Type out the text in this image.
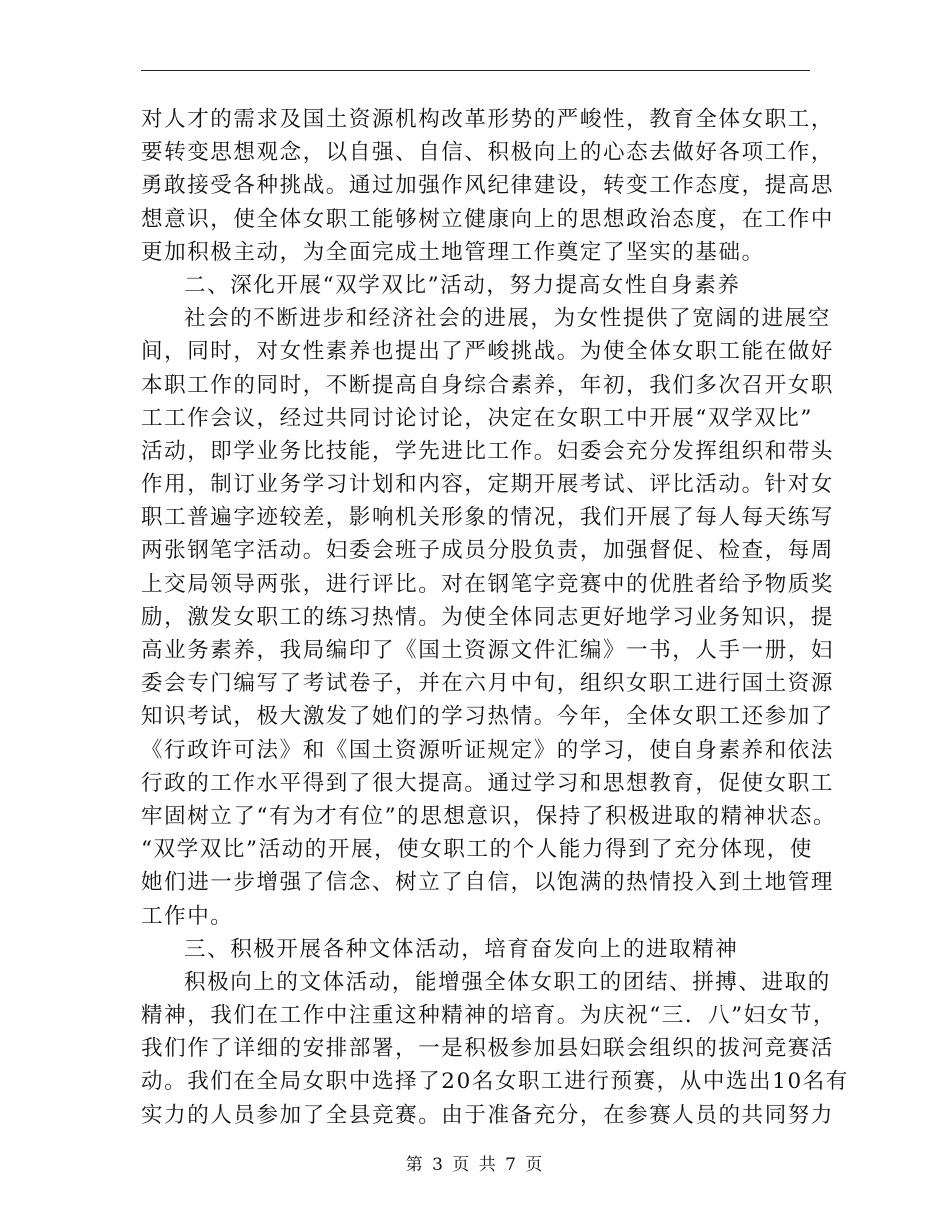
对人才的需求及国土资源机构改革形势的严峻性，教育全体女职工，
要转变思想观念，以自强、自信、积极向上的心态去做好各项工作，
勇敢接受各种挑战。通过加强作风纪律建设，转变工作态度，提高思
想意识，使全体女职工能够树立健康向上的思想政治态度，在工作中
更加积极主动，为全面完成土地管理工作奠定了坚实的基础。
二、深化开展“双学双比”活动，努力提高女性自身素养
社会的不断进步和经济社会的进展，为女性提供了宽阔的进展空
间，同时，对女性素养也提出了严峻挑战。为使全体女职工能在做好
本职工作的同时，不断提高自身综合素养，年初，我们多次召开女职
工工作会议，经过共同讨论讨论，决定在女职工中开展“双学双比”
活动，即学业务比技能，学先进比工作。妇委会充分发挥组织和带头
作用，制订业务学习计划和内容，定期开展考试、评比活动。针对女
职工普遍字迹较差，影响机关形象的情况，我们开展了每人每天练写
两张钢笔字活动。妇委会班子成员分股负责，加强督促、检查，每周
上交局领导两张，进行评比。对在钢笔字竞赛中的优胜者给予物质奖
励，激发女职工的练习热情。为使全体同志更好地学习业务知识，提
高业务素养，我局编印了《国土资源文件汇编》一书，人手一册，妇
委会专门编写了考试卷子，并在六月中旬，组织女职工进行国土资源
知识考试，极大激发了她们的学习热情。今年，全体女职工还参加了
《行政许可法》和《国土资源听证规定》的学习，使自身素养和依法
行政的工作水平得到了很大提高。通过学习和思想教育，促使女职工
牢固树立了“有为才有位”的思想意识，保持了积极进取的精神状态。
“双学双比”活动的开展，使女职工的个人能力得到了充分体现，使
她们进一步增强了信念、树立了自信，以饱满的热情投入到土地管理
工作中。
三、积极开展各种文体活动，培育奋发向上的进取精神
积极向上的文体活动，能增强全体女职工的团结、拼搏、进取的
精神，我们在工作中注重这种精神的培育。为庆祝“三．八”妇女节，
我们作了详细的安排部署，一是积极参加县妇联会组织的拔河竞赛活
动。我们在全局女职中选择了20名女职工进行预赛，从中选出10名有
实力的人员参加了全县竞赛。由于准备充分，在参赛人员的共同努力
第 3 页 共 7 页
